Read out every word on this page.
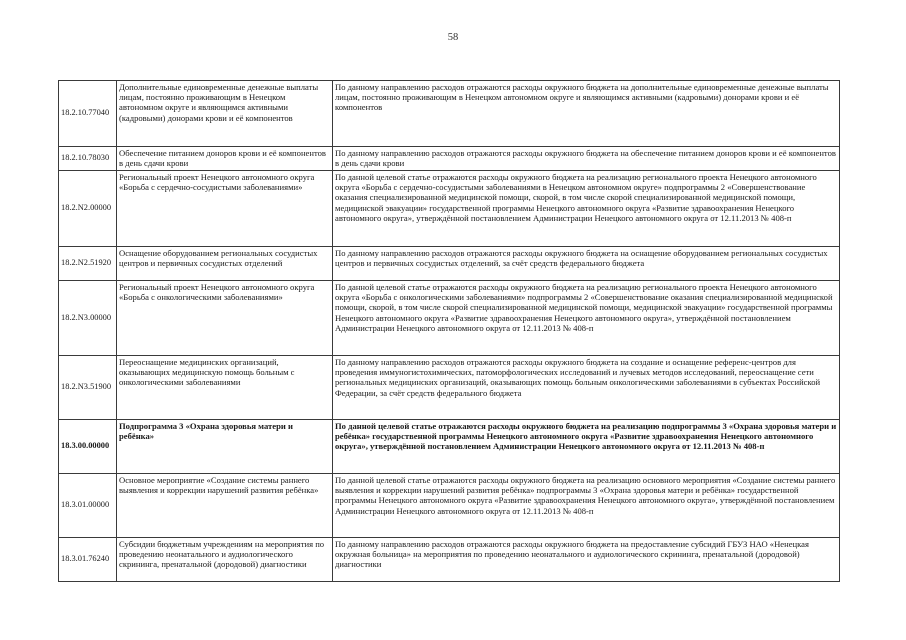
58
18.2.10.77040	Дополнительные единовременные денежные выплаты лицам, постоянно проживающим в Ненецком автономном округе и являющимся активными (кадровыми) донорами крови и её компонентов	По данному направлению расходов отражаются расходы окружного бюджета на дополнительные единовременные денежные выплаты лицам, постоянно проживающим в Ненецком автономном округе и являющимся активными (кадровыми) донорами крови и её компонентов
18.2.10.78030	Обеспечение питанием доноров крови и её компонентов в день сдачи крови	По данному направлению расходов отражаются расходы окружного бюджета на обеспечение питанием доноров крови и её компонентов в день сдачи крови
18.2.N2.00000	Региональный проект Ненецкого автономного округа «Борьба с сердечно-сосудистыми заболеваниями»	По данной целевой статье отражаются расходы окружного бюджета на реализацию регионального проекта Ненецкого автономного округа «Борьба с сердечно-сосудистыми заболеваниями в Ненецком автономном округе» подпрограммы 2 «Совершенствование оказания специализированной медицинской помощи, скорой, в том числе скорой специализированной медицинской помощи, медицинской эвакуации» государственной программы Ненецкого автономного округа «Развитие здравоохранения Ненецкого автономного округа», утверждённой постановлением Администрации Ненецкого автономного округа от 12.11.2013 № 408-п
18.2.N2.51920	Оснащение оборудованием региональных сосудистых центров и первичных сосудистых отделений	По данному направлению расходов отражаются расходы окружного бюджета на оснащение оборудованием региональных сосудистых центров и первичных сосудистых отделений, за счёт средств федерального бюджета
18.2.N3.00000	Региональный проект Ненецкого автономного округа «Борьба с онкологическими заболеваниями»	По данной целевой статье отражаются расходы окружного бюджета на реализацию регионального проекта Ненецкого автономного округа «Борьба с онкологическими заболеваниями» подпрограммы 2 «Совершенствование оказания специализированной медицинской помощи, скорой, в том числе скорой специализированной медицинской помощи, медицинской эвакуации» государственной программы Ненецкого автономного округа «Развитие здравоохранения Ненецкого автономного округа», утверждённой постановлением Администрации Ненецкого автономного округа от 12.11.2013 № 408-п
18.2.N3.51900	Переоснащение медицинских организаций, оказывающих медицинскую помощь больным с онкологическими заболеваниями	По данному направлению расходов отражаются расходы окружного бюджета на создание и оснащение референс-центров для проведения иммуногистохимических, патоморфологических исследований и лучевых методов исследований, переоснащение сети региональных медицинских организаций, оказывающих помощь больным онкологическими заболеваниями в субъектах Российской Федерации, за счёт средств федерального бюджета
18.3.00.00000	Подпрограмма 3 «Охрана здоровья матери и ребёнка»	По данной целевой статье отражаются расходы окружного бюджета на реализацию подпрограммы 3 «Охрана здоровья матери и ребёнка» государственной программы Ненецкого автономного округа «Развитие здравоохранения Ненецкого автономного округа», утверждённой постановлением Администрации Ненецкого автономного округа от 12.11.2013 № 408-п
18.3.01.00000	Основное мероприятие «Создание системы раннего выявления и коррекции нарушений развития ребёнка»	По данной целевой статье отражаются расходы окружного бюджета на реализацию основного мероприятия «Создание системы раннего выявления и коррекции нарушений развития ребёнка» подпрограммы 3 «Охрана здоровья матери и ребёнка» государственной программы Ненецкого автономного округа «Развитие здравоохранения Ненецкого автономного округа», утверждённой постановлением Администрации Ненецкого автономного округа от 12.11.2013 № 408-п
18.3.01.76240	Субсидии бюджетным учреждениям на мероприятия по проведению неонатального и аудиологического скрининга, пренатальной (дородовой) диагностики	По данному направлению расходов отражаются расходы окружного бюджета на предоставление субсидий ГБУЗ НАО «Ненецкая окружная больница» на мероприятия по проведению неонатального и аудиологического скрининга, пренатальной (дородовой) диагностики
